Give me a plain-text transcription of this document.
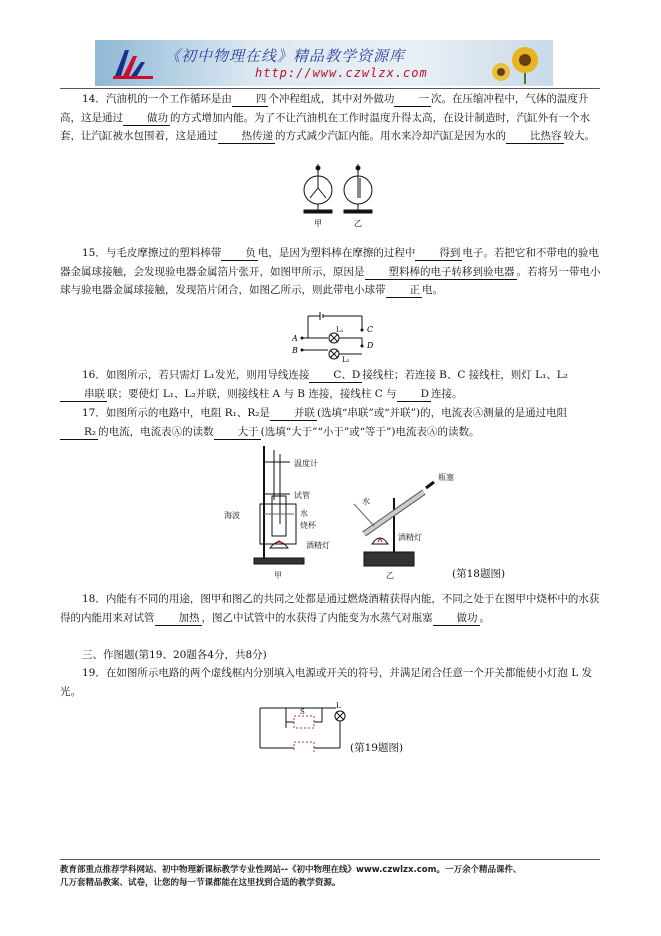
《初中物理在线》精品教学资源库
http://www.czwlzx.com
14．汽油机的一个工作循环是由 四 个冲程组成，其中对外做功 一 次。在压缩冲程中，气体的温度升高，这是通过 做功 的方式增加内能。为了不让汽油机在工作时温度升得太高，在设计制造时，汽缸外有一个水套，让汽缸被水包围着，这是通过 热传递 的方式减少汽缸内能。用水来冷却汽缸是因为水的 比热容 较大。
甲	乙
15．与毛皮摩擦过的塑料棒带 负 电，是因为塑料棒在摩擦的过程中 得到 电子。若把它和不带电的验电器金属球接触，会发现验电器金属箔片张开，如图甲所示，原因是 塑料棒的电子转移到验电器 。若将另一带电小球与验电器金属球接触，发现箔片闭合，如图乙所示，则此带电小球带 正 电。
A
B
C
D
L₁
L₂
16．如图所示，若只需灯 L₁发光，则用导线连接 C、D 接线柱；若连接 B、C 接线柱，则灯 L₁、L₂串联 联；要使灯 L₁、L₂并联，则接线柱 A 与 B 连接，接线柱 C 与 D 连接。
17．如图所示的电路中，电阻 R₁、R₂是 并联 (选填“串联”或“并联”)的，电流表Ⓐ测量的是通过电阻R₂ 的电流，电流表Ⓐ的读数 大于 (选填“大于”“小于”或“等于”)电流表Ⓐ的读数。
温度计
试管
水
烧杯
海波
酒精灯
甲
水
瓶塞
酒精灯
乙	(第18题图)
18．内能有不同的用途，图甲和图乙的共同之处都是通过燃烧酒精获得内能，不同之处于在图甲中烧杯中的水获得的内能用来对试管 加热 ，图乙中试管中的水获得了内能变为水蒸气对瓶塞 做功 。
三、作图题(第19、20题各4分，共8分)
19．在如图所示电路的两个虚线框内分别填入电源或开关的符号，并满足闭合任意一个开关都能使小灯泡 L 发光。
S
L
(第19题图)
教育部重点推荐学科网站、初中物理新课标教学专业性网站--《初中物理在线》www.czwlzx.com。一万余个精品课件、
几万套精品教案、试卷，让您的每一节课都能在这里找到合适的教学资源。
